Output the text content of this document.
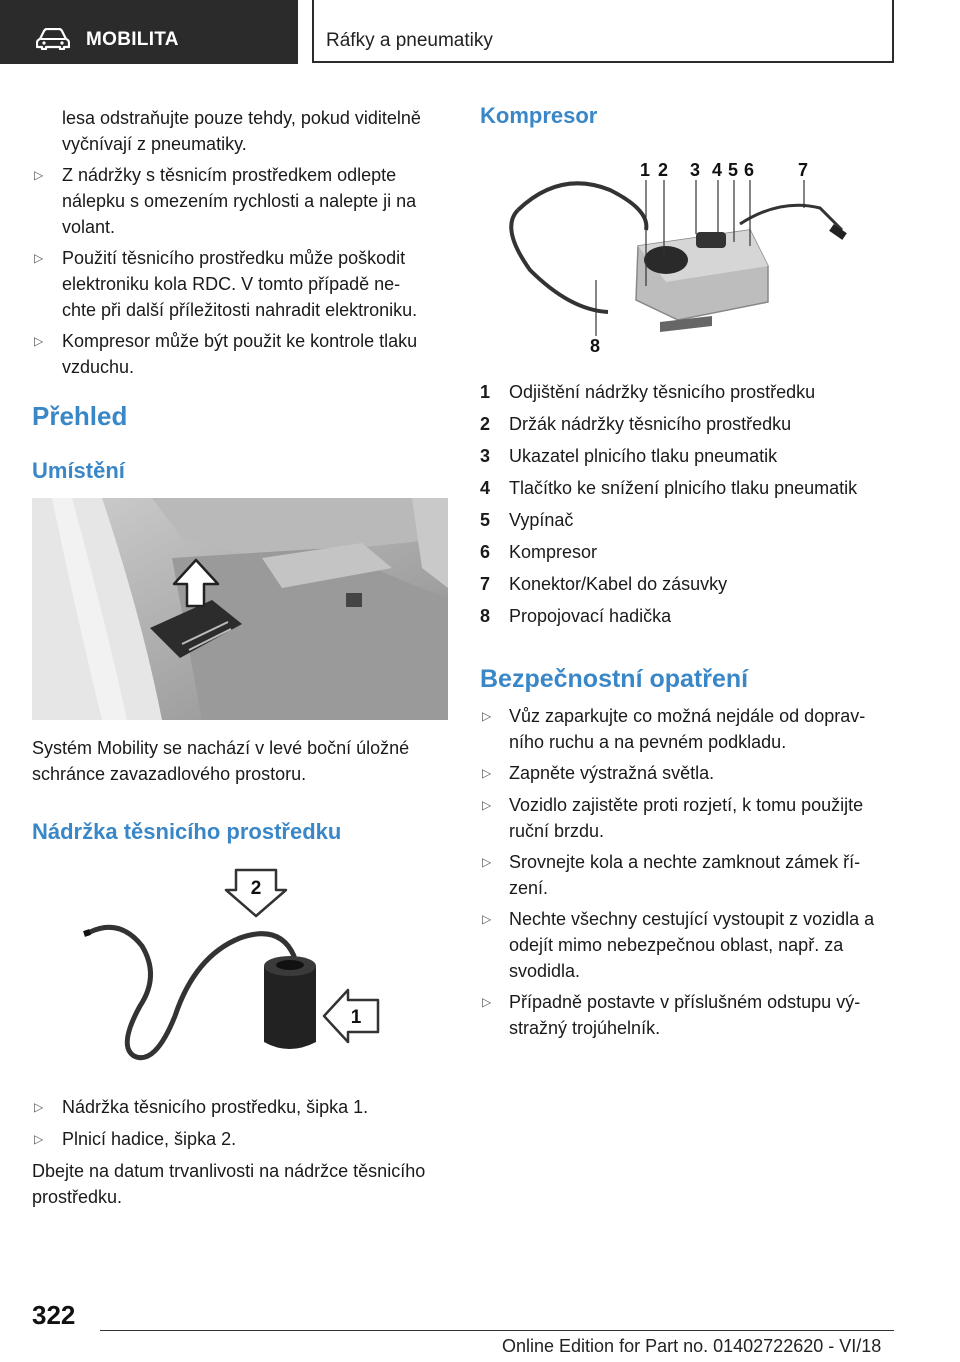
MOBILITA	Ráfky a pneumatiky

lesa odstraňujte pouze tehdy, pokud viditelně

vyčnívají z pneumatiky.

▷ Z nádržky s těsnicím prostředkem odlepte

nálepku s omezením rychlosti a nalepte ji na

volant.

▷ Použití těsnicího prostředku může poškodit

elektroniku kola RDC. V tomto případě ne-

chte při další příležitosti nahradit elektroniku.

▷ Kompresor může být použit ke kontrole tlaku

vzduchu.

Přehled
Umístění

Systém Mobility se nachází v levé boční úložné

schránce zavazadlového prostoru.

Nádržka těsnicího prostředku
2
1
▷ Nádržka těsnicího prostředku, šipka 1.

▷ Plnicí hadice, šipka 2.

Dbejte na datum trvanlivosti na nádržce těsnicího

prostředku.

Kompresor
1 2 3 4 5 6 7
8
1 Odjištění nádržky těsnicího prostředku
2 Držák nádržky těsnicího prostředku
3 Ukazatel plnicího tlaku pneumatik
4 Tlačítko ke snížení plnicího tlaku pneumatik
5 Vypínač
6 Kompresor
7 Konektor/Kabel do zásuvky
8 Propojovací hadička
Bezpečnostní opatření
▷ Vůz zaparkujte co možná nejdále od doprav-

ního ruchu a na pevném podkladu.

▷ Zapněte výstražná světla.

▷ Vozidlo zajistěte proti rozjetí, k tomu použijte

ruční brzdu.

▷ Srovnejte kola a nechte zamknout zámek ří-

zení.

▷ Nechte všechny cestující vystoupit z vozidla a

odejít mimo nebezpečnou oblast, např. za

svodidla.

▷ Případně postavte v příslušném odstupu vý-

stražný trojúhelník.

322
Online Edition for Part no. 01402722620 - VI/18
